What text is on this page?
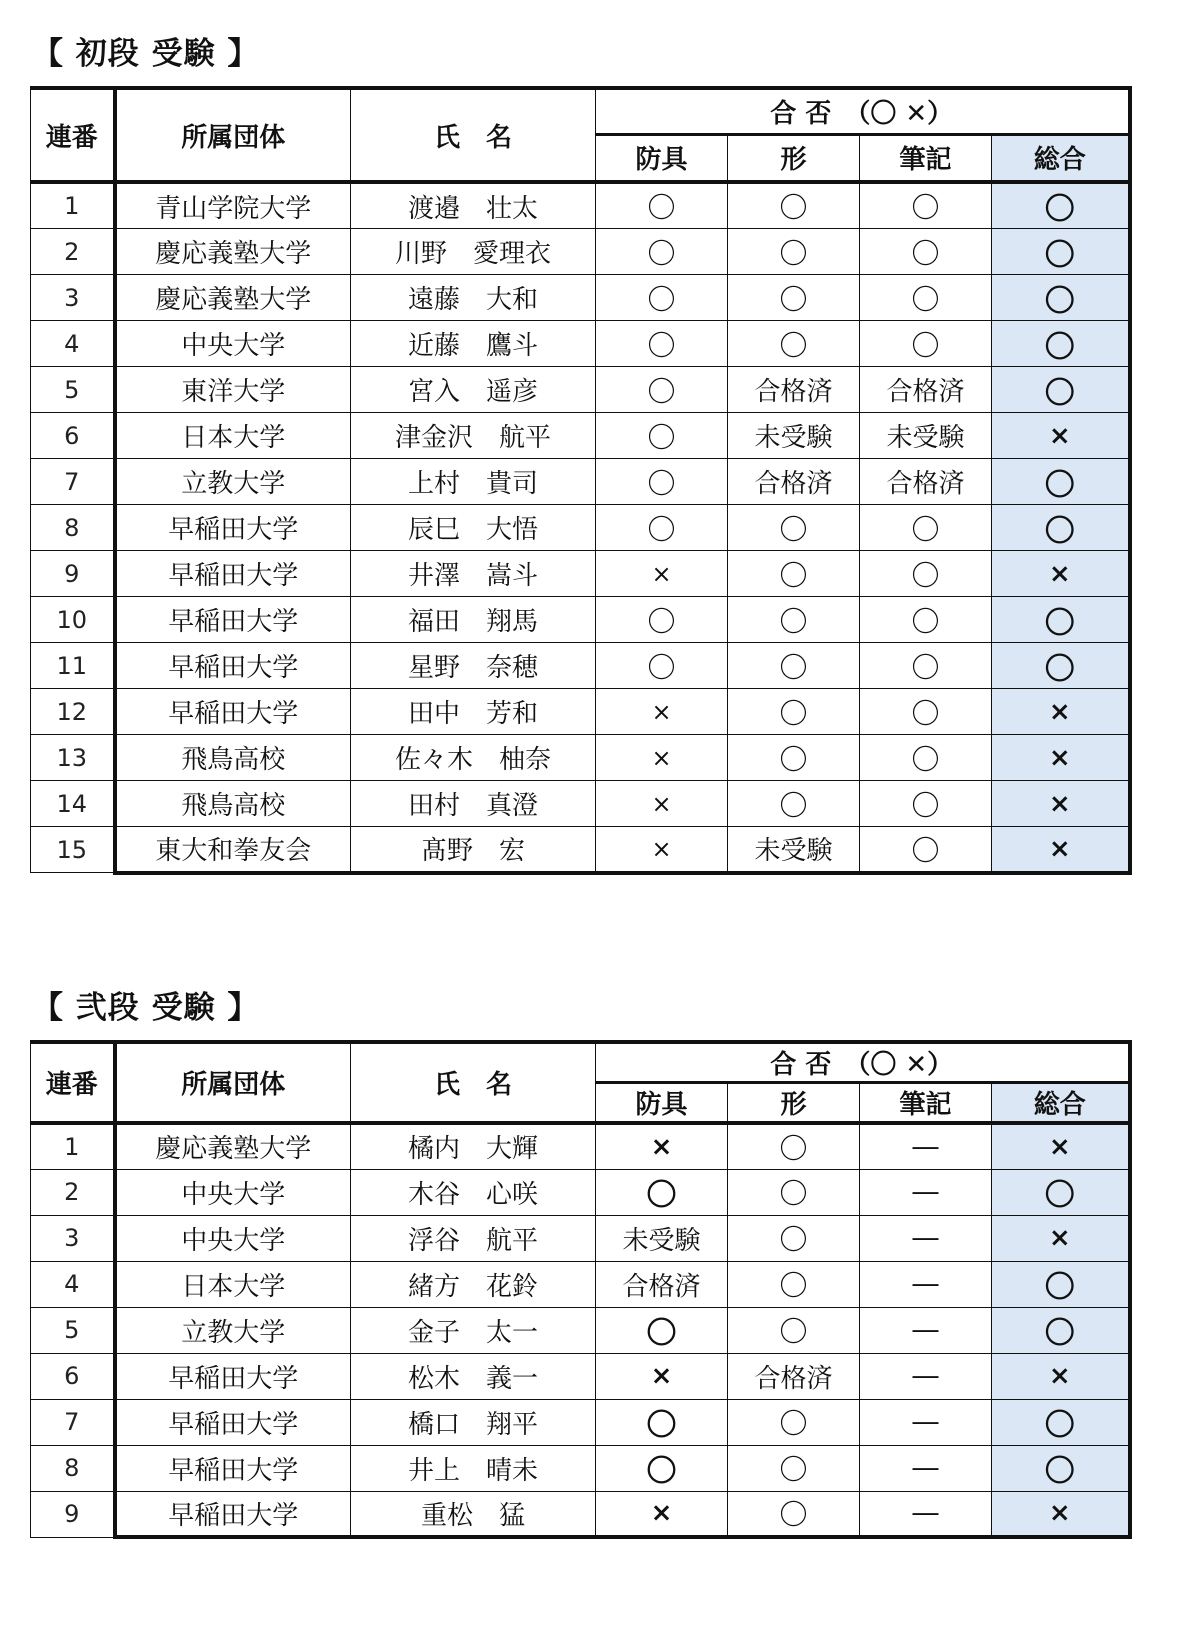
【 初段 受験 】
連番	所属団体	氏　名	合 否　（〇 ✕）			
			防具	形	筆記	総合
1	青山学院大学	渡邉　壮太	〇	〇	〇	〇
2	慶応義塾大学	川野　愛理衣	〇	〇	〇	〇
3	慶応義塾大学	遠藤　大和	〇	〇	〇	〇
4	中央大学	近藤　鷹斗	〇	〇	〇	〇
5	東洋大学	宮入　遥彦	〇	合格済	合格済	〇
6	日本大学	津金沢　航平	〇	未受験	未受験	×
7	立教大学	上村　貴司	〇	合格済	合格済	〇
8	早稲田大学	辰巳　大悟	〇	〇	〇	〇
9	早稲田大学	井澤　嵩斗	×	〇	〇	×
10	早稲田大学	福田　翔馬	〇	〇	〇	〇
11	早稲田大学	星野　奈穂	〇	〇	〇	〇
12	早稲田大学	田中　芳和	×	〇	〇	×
13	飛鳥高校	佐々木　柚奈	×	〇	〇	×
14	飛鳥高校	田村　真澄	×	〇	〇	×
15	東大和拳友会	髙野　宏	×	未受験	〇	×
【 弐段 受験 】
連番	所属団体	氏　名	合 否　（〇 ✕）			
			防具	形	筆記	総合
1	慶応義塾大学	橘内　大輝	×	〇	―	×
2	中央大学	木谷　心咲	〇	〇	―	〇
3	中央大学	浮谷　航平	未受験	〇	―	×
4	日本大学	緒方　花鈴	合格済	〇	―	〇
5	立教大学	金子　太一	〇	〇	―	〇
6	早稲田大学	松木　義一	×	合格済	―	×
7	早稲田大学	橋口　翔平	〇	〇	―	〇
8	早稲田大学	井上　晴未	〇	〇	―	〇
9	早稲田大学	重松　猛	×	〇	―	×
